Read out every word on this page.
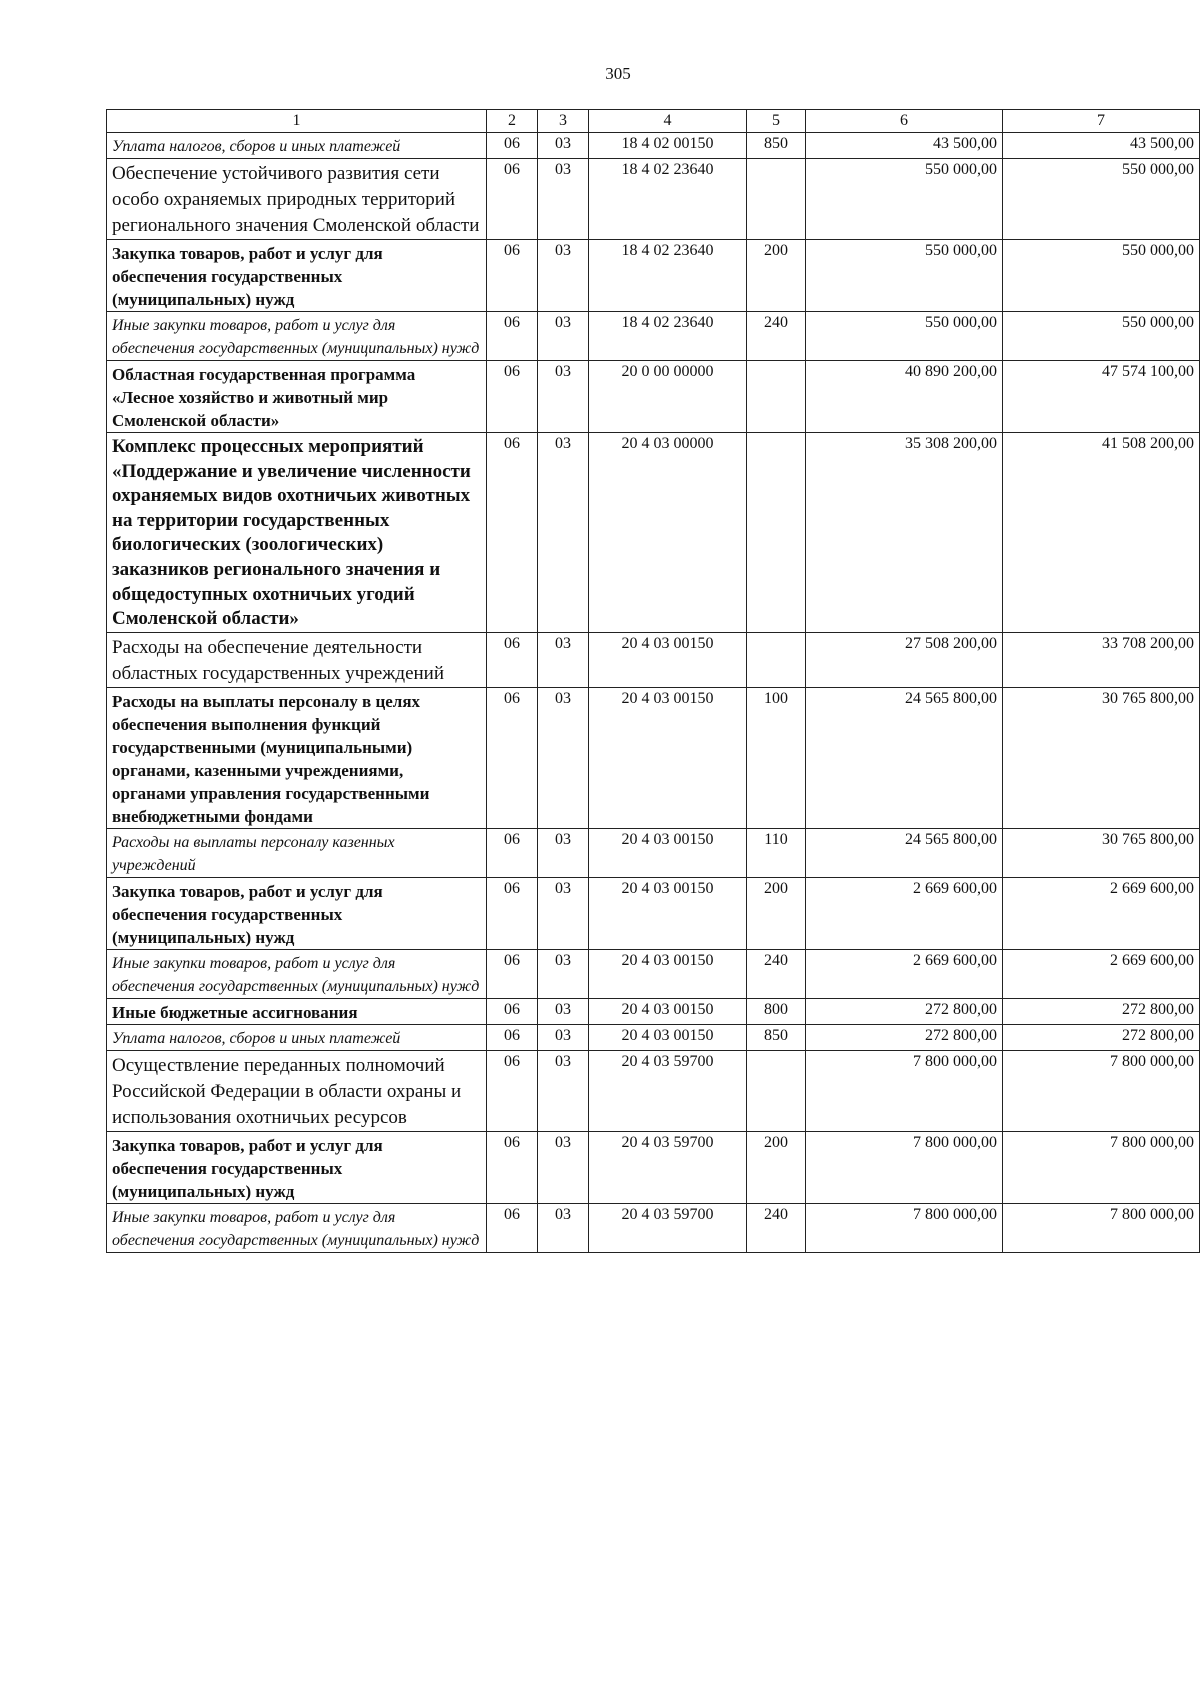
305
1	2	3	4	5	6	7
Уплата налогов, сборов и иных платежей	06	03	18 4 02 00150	850	43 500,00	43 500,00
Обеспечение устойчивого развития сети особо охраняемых природных территорий регионального значения Смоленской области	06	03	18 4 02 23640		550 000,00	550 000,00
Закупка товаров, работ и услуг для обеспечения государственных (муниципальных) нужд	06	03	18 4 02 23640	200	550 000,00	550 000,00
Иные закупки товаров, работ и услуг для обеспечения государственных (муниципальных) нужд	06	03	18 4 02 23640	240	550 000,00	550 000,00
Областная государственная программа «Лесное хозяйство и животный мир Смоленской области»	06	03	20 0 00 00000		40 890 200,00	47 574 100,00
Комплекс процессных мероприятий «Поддержание и увеличение численности охраняемых видов охотничьих животных на территории государственных биологических (зоологических) заказников регионального значения и общедоступных охотничьих угодий Смоленской области»	06	03	20 4 03 00000		35 308 200,00	41 508 200,00
Расходы на обеспечение деятельности областных государственных учреждений	06	03	20 4 03 00150		27 508 200,00	33 708 200,00
Расходы на выплаты персоналу в целях обеспечения выполнения функций государственными (муниципальными) органами, казенными учреждениями, органами управления государственными внебюджетными фондами	06	03	20 4 03 00150	100	24 565 800,00	30 765 800,00
Расходы на выплаты персоналу казенных учреждений	06	03	20 4 03 00150	110	24 565 800,00	30 765 800,00
Закупка товаров, работ и услуг для обеспечения государственных (муниципальных) нужд	06	03	20 4 03 00150	200	2 669 600,00	2 669 600,00
Иные закупки товаров, работ и услуг для обеспечения государственных (муниципальных) нужд	06	03	20 4 03 00150	240	2 669 600,00	2 669 600,00
Иные бюджетные ассигнования	06	03	20 4 03 00150	800	272 800,00	272 800,00
Уплата налогов, сборов и иных платежей	06	03	20 4 03 00150	850	272 800,00	272 800,00
Осуществление переданных полномочий Российской Федерации в области охраны и использования охотничьих ресурсов	06	03	20 4 03 59700		7 800 000,00	7 800 000,00
Закупка товаров, работ и услуг для обеспечения государственных (муниципальных) нужд	06	03	20 4 03 59700	200	7 800 000,00	7 800 000,00
Иные закупки товаров, работ и услуг для обеспечения государственных (муниципальных) нужд	06	03	20 4 03 59700	240	7 800 000,00	7 800 000,00
